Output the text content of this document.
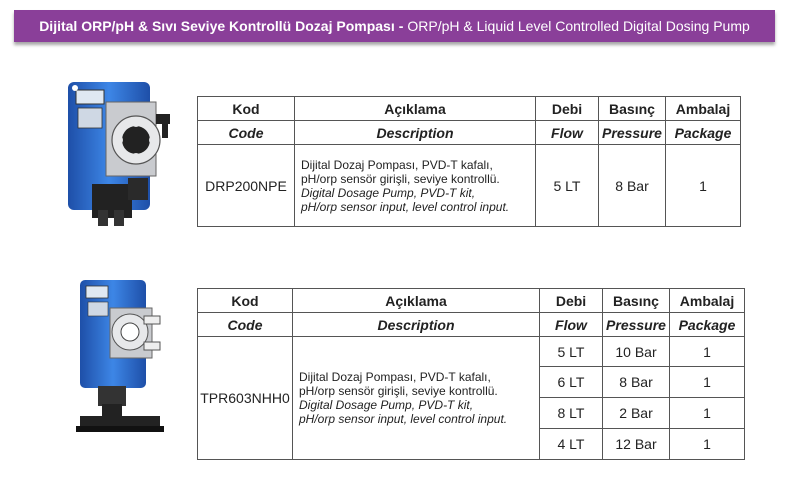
Dijital ORP/pH & Sıvı Seviye Kontrollü Dozaj Pompası - ORP/pH & Liquid Level Controlled Digital Dosing Pump
Kod	Açıklama	Debi	Basınç	Ambalaj
Code	Description	Flow	Pressure	Package
DRP200NPE	Dijital Dozaj Pompası, PVD-T kafalı,
pH/orp sensör girişli, seviye kontrollü.
Digital Dosage Pump, PVD-T kit,
pH/orp sensor input, level control input.	5 LT	8 Bar	1
Kod	Açıklama	Debi	Basınç	Ambalaj
Code	Description	Flow	Pressure	Package
TPR603NHH0	Dijital Dozaj Pompası, PVD-T kafalı,
pH/orp sensör girişli, seviye kontrollü.
Digital Dosage Pump, PVD-T kit,
pH/orp sensor input, level control input.	5 LT	10 Bar	1
		6 LT	8 Bar	1
		8 LT	2 Bar	1
		4 LT	12 Bar	1
